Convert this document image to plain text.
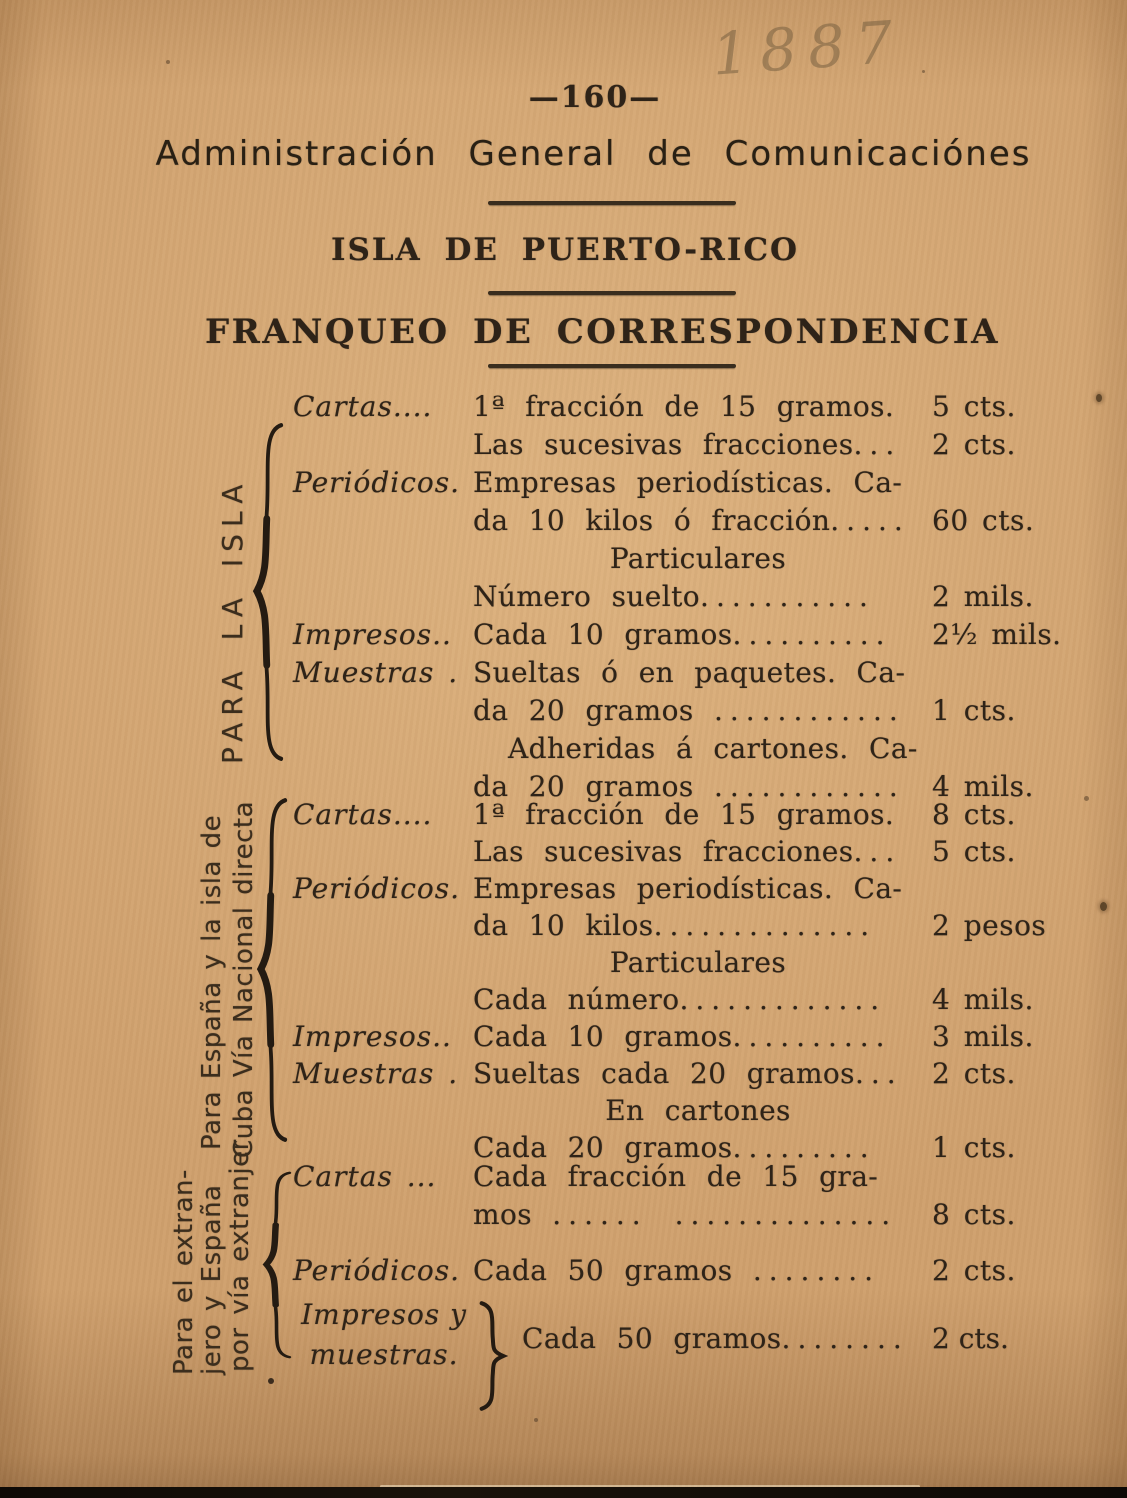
1887
—160—
Administración General de Comunicaciónes
ISLA DE PUERTO-RICO
FRANQUEO DE CORRESPONDENCIA
PARA LA ISLA
Para España y la isla de Cuba Vía Nacional directa
Para el extran-
jero y España
por vía extranjer
Cartas.... 1ª fracción de 15 gramos. 5 cts.
Las sucesivas fracciones... 2 cts.
Periódicos. Empresas periodísticas. Ca-
da 10 kilos ó fracción..... 60 cts.
Particulares
Número suelto........... 2 mils.
Impresos.. Cada 10 gramos.......... 2½ mils.
Muestras . Sueltas ó en paquetes. Ca-
da 20 gramos ............ 1 cts.
Adheridas á cartones. Ca-
da 20 gramos ............ 4 mils.
Cartas.... 1ª fracción de 15 gramos. 8 cts.
Las sucesivas fracciones... 5 cts.
Periódicos. Empresas periodísticas. Ca-
da 10 kilos.............. 2 pesos
Particulares
Cada número............. 4 mils.
Impresos.. Cada 10 gramos.......... 3 mils.
Muestras . Sueltas cada 20 gramos... 2 cts.
En cartones
Cada 20 gramos......... 1 cts.
Cartas ... Cada fracción de 15 gra-
mos ...... .............. 8 cts.
Periódicos. Cada 50 gramos ........ 2 cts.
Impresos y
muestras.	Cada 50 gramos........ 2 cts.
